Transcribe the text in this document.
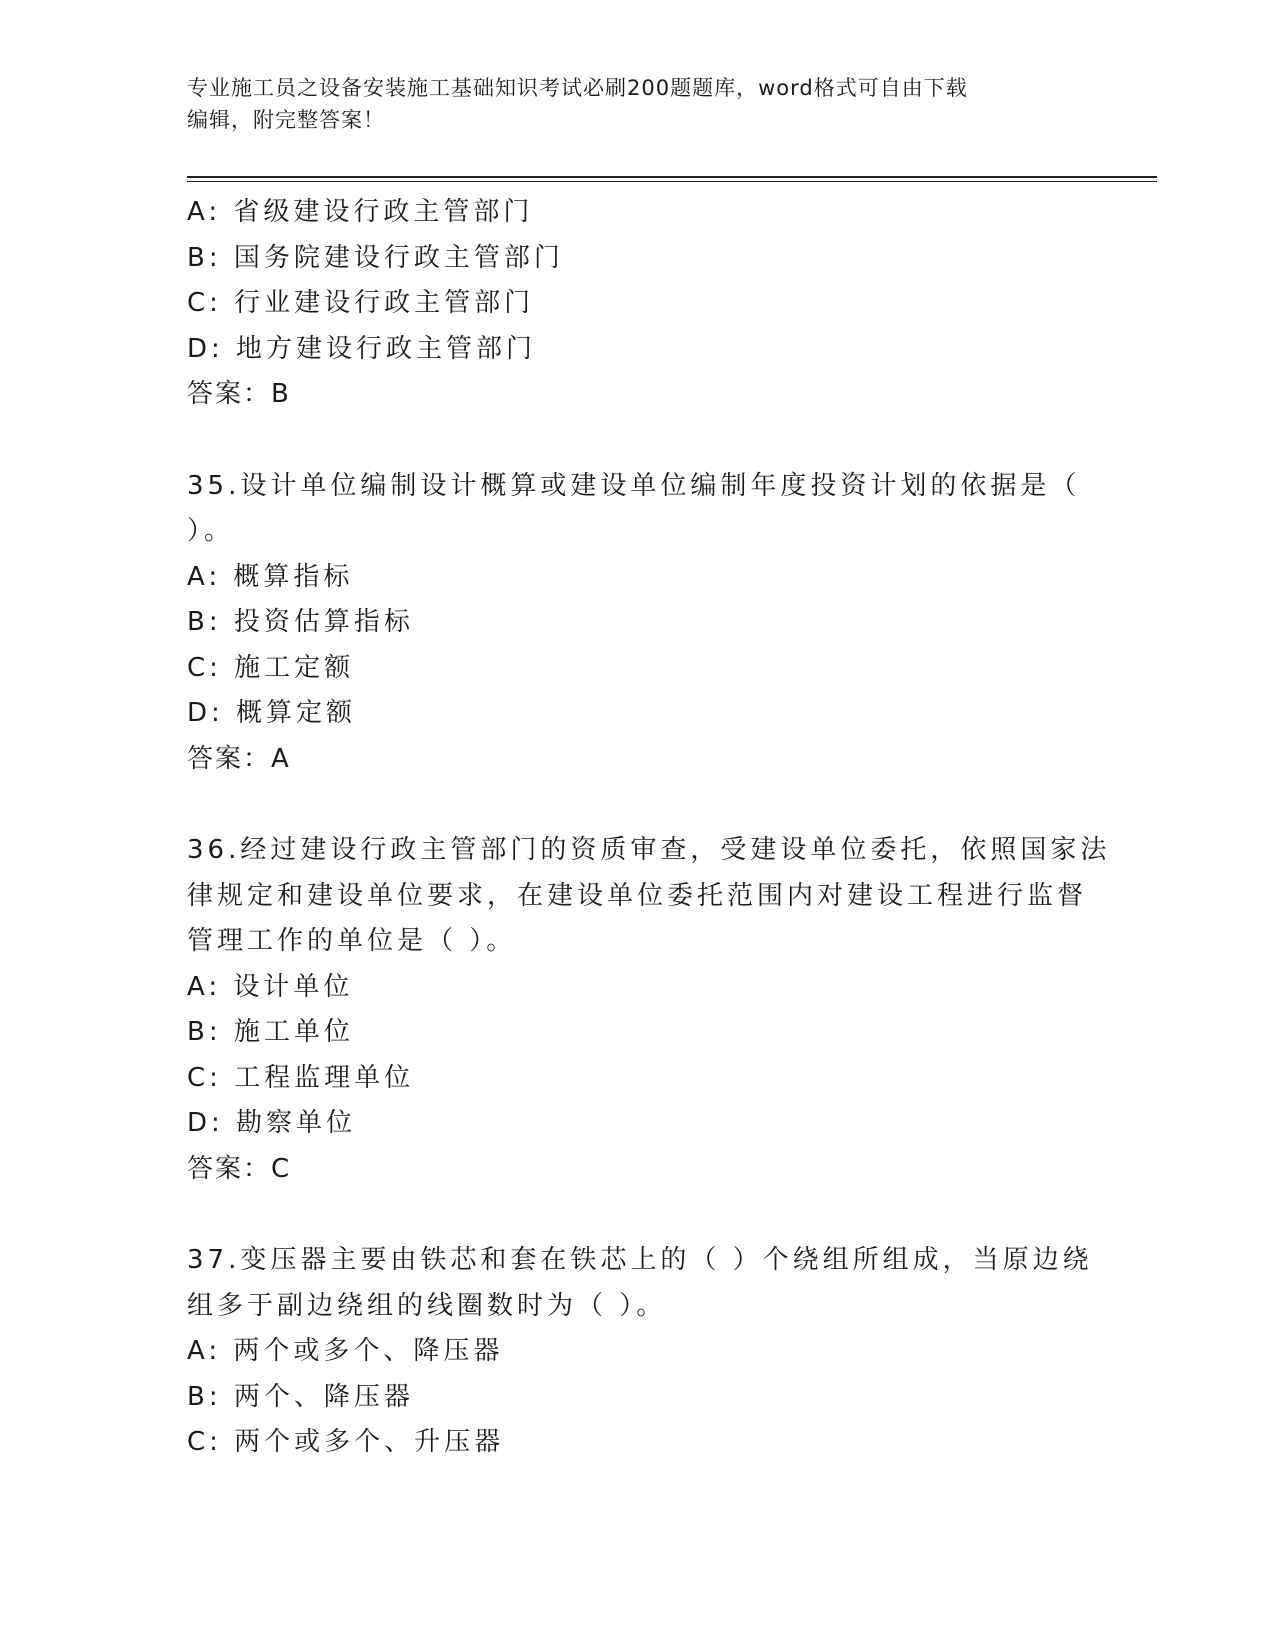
专业施工员之设备安装施工基础知识考试必刷200题题库，word格式可自由下载
编辑，附完整答案！
A: 省级建设行政主管部门
B: 国务院建设行政主管部门
C: 行业建设行政主管部门
D: 地方建设行政主管部门
答案：B
35.设计单位编制设计概算或建设单位编制年度投资计划的依据是（
）。
A: 概算指标
B: 投资估算指标
C: 施工定额
D: 概算定额
答案：A
36.经过建设行政主管部门的资质审查，受建设单位委托，依照国家法
律规定和建设单位要求，在建设单位委托范围内对建设工程进行监督
管理工作的单位是（ ）。
A: 设计单位
B: 施工单位
C: 工程监理单位
D: 勘察单位
答案：C
37.变压器主要由铁芯和套在铁芯上的（ ）个绕组所组成，当原边绕
组多于副边绕组的线圈数时为（ ）。
A: 两个或多个、降压器
B: 两个、降压器
C: 两个或多个、升压器
